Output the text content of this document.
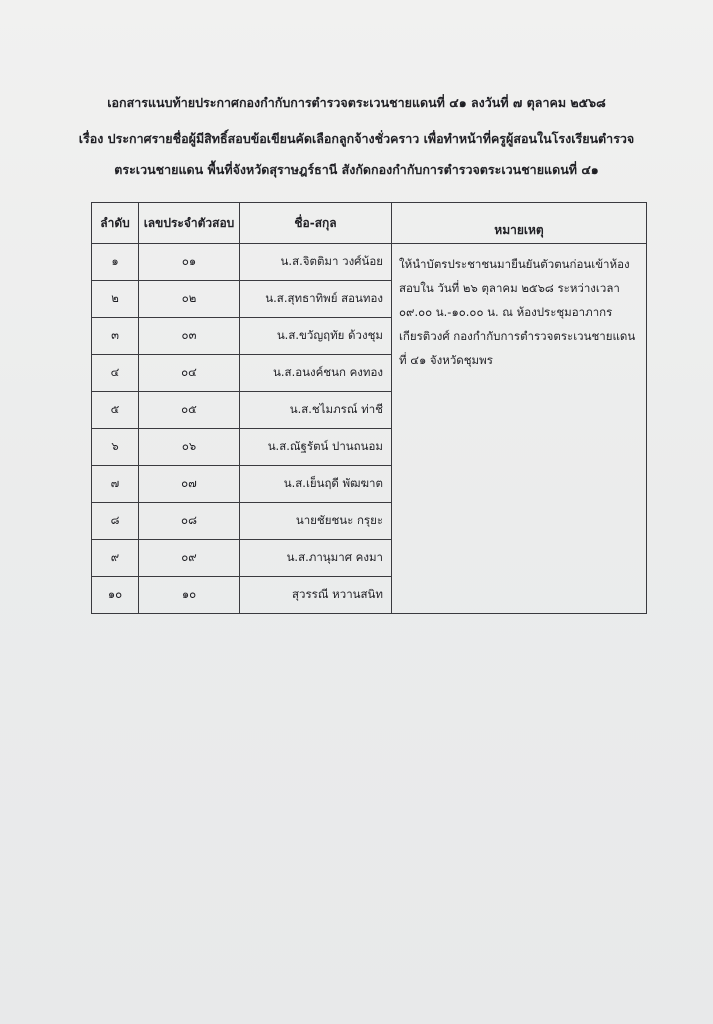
เอกสารแนบท้ายประกาศกองกำกับการตำรวจตระเวนชายแดนที่ ๔๑ ลงวันที่ ๗ ตุลาคม ๒๕๖๘
เรื่อง ประกาศรายชื่อผู้มีสิทธิ์สอบข้อเขียนคัดเลือกลูกจ้างชั่วคราว เพื่อทำหน้าที่ครูผู้สอนในโรงเรียนตำรวจ
ตระเวนชายแดน พื้นที่จังหวัดสุราษฎร์ธานี สังกัดกองกำกับการตำรวจตระเวนชายแดนที่ ๔๑
ลำดับ	เลขประจำตัวสอบ	ชื่อ-สกุล	หมายเหตุ
๑	๐๑	น.ส.จิตติมา วงศ์น้อย	ให้นำบัตรประชาชนมายืนยันตัวตนก่อนเข้าห้อง
สอบใน วันที่ ๒๖ ตุลาคม ๒๕๖๘ ระหว่างเวลา
๐๙.๐๐ น.-๑๐.๐๐ น. ณ ห้องประชุมอาภากร
เกียรติวงศ์ กองกำกับการตำรวจตระเวนชายแดน
ที่ ๔๑ จังหวัดชุมพร

๒	๐๒	น.ส.สุทธาทิพย์ สอนทอง	
๓	๐๓	น.ส.ขวัญฤทัย ด้วงชุม	
๔	๐๔	น.ส.อนงค์ชนก คงทอง	
๕	๐๕	น.ส.ชไมภรณ์ ท่าชี	
๖	๐๖	น.ส.ณัฐรัตน์ ปานถนอม	
๗	๐๗	น.ส.เย็นฤดี พัฒฆาต	
๘	๐๘	นายชัยชนะ กรุยะ	
๙	๐๙	น.ส.ภานุมาศ คงมา	
๑๐	๑๐	สุวรรณี หวานสนิท	
